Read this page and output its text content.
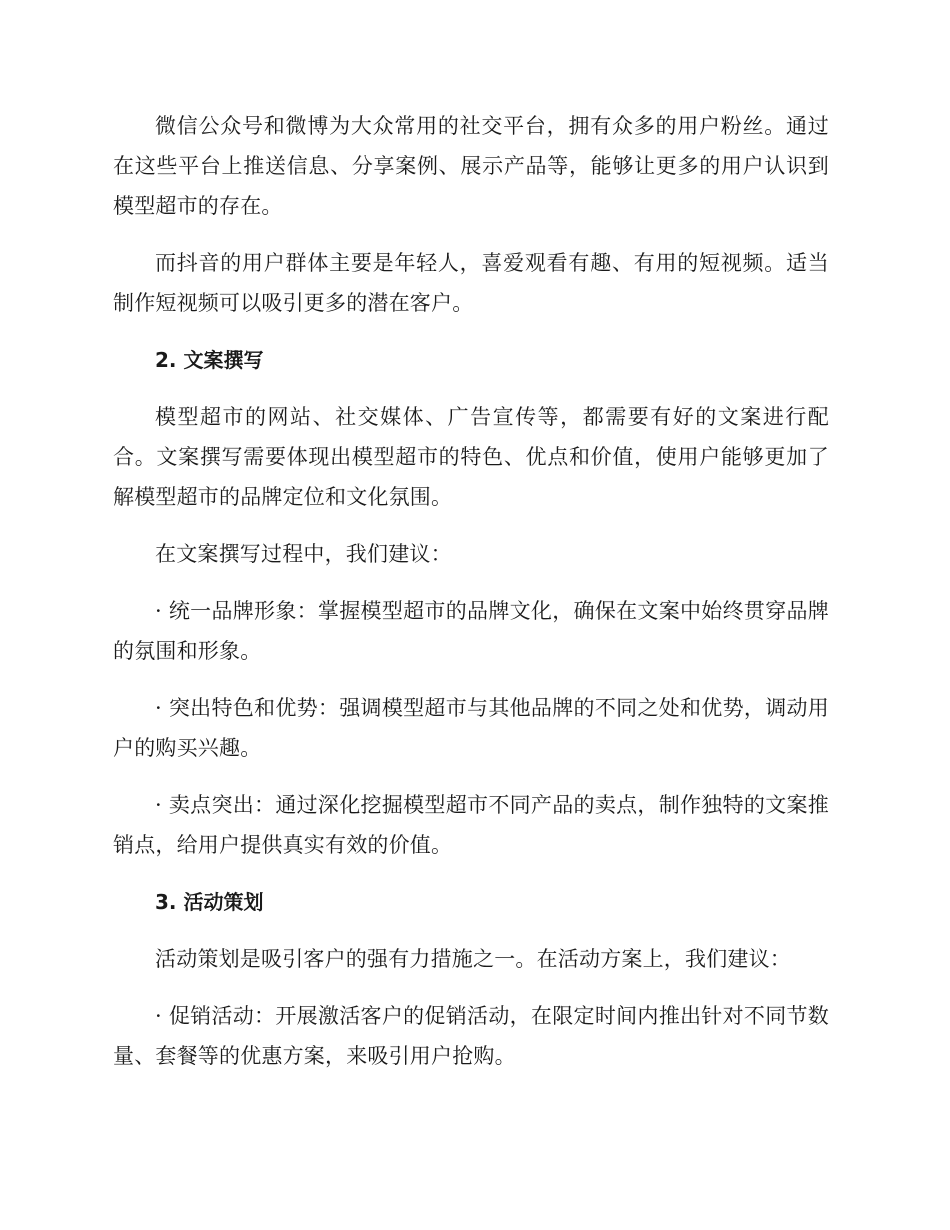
微信公众号和微博为大众常用的社交平台，拥有众多的用户粉丝。通过在这些平台上推送信息、分享案例、展示产品等，能够让更多的用户认识到模型超市的存在。

而抖音的用户群体主要是年轻人，喜爱观看有趣、有用的短视频。适当制作短视频可以吸引更多的潜在客户。

2. 文案撰写

模型超市的网站、社交媒体、广告宣传等，都需要有好的文案进行配合。文案撰写需要体现出模型超市的特色、优点和价值，使用户能够更加了解模型超市的品牌定位和文化氛围。

在文案撰写过程中，我们建议：

· 统一品牌形象：掌握模型超市的品牌文化，确保在文案中始终贯穿品牌的氛围和形象。

· 突出特色和优势：强调模型超市与其他品牌的不同之处和优势，调动用户的购买兴趣。

· 卖点突出：通过深化挖掘模型超市不同产品的卖点，制作独特的文案推销点，给用户提供真实有效的价值。

3. 活动策划

活动策划是吸引客户的强有力措施之一。在活动方案上，我们建议：

· 促销活动：开展激活客户的促销活动，在限定时间内推出针对不同节数量、套餐等的优惠方案，来吸引用户抢购。
